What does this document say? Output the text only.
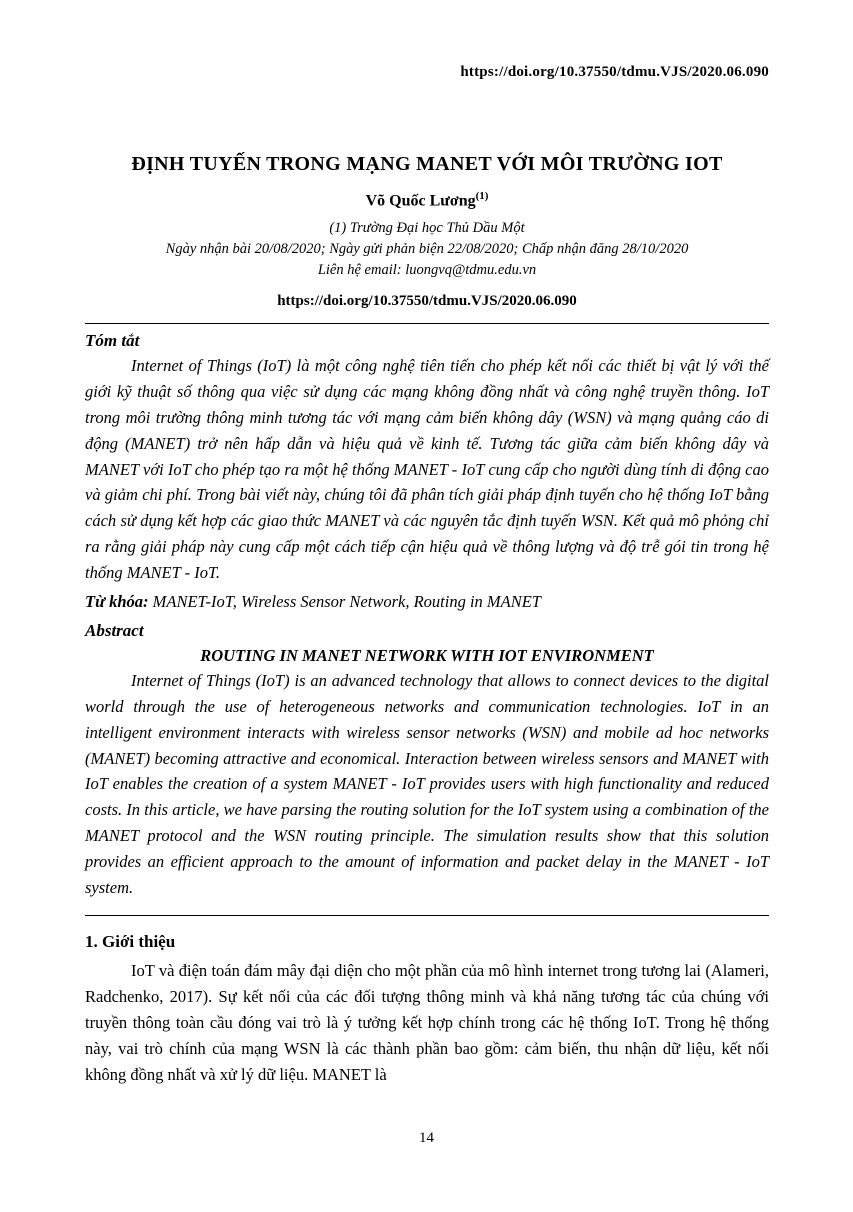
https://doi.org/10.37550/tdmu.VJS/2020.06.090
ĐỊNH TUYẾN TRONG MẠNG MANET VỚI MÔI TRƯỜNG IOT
Võ Quốc Lương$^{(1)}$
(1) Trường Đại học Thủ Dầu Một
Ngày nhận bài 20/08/2020; Ngày gửi phản biện 22/08/2020; Chấp nhận đăng 28/10/2020
Liên hệ email: luongvq@tdmu.edu.vn
https://doi.org/10.37550/tdmu.VJS/2020.06.090
Tóm tắt

Internet of Things (IoT) là một công nghệ tiên tiến cho phép kết nối các thiết bị vật lý với thế giới kỹ thuật số thông qua việc sử dụng các mạng không đồng nhất và công nghệ truyền thông. IoT trong môi trường thông minh tương tác với mạng cảm biến không dây (WSN) và mạng quảng cáo di động (MANET) trở nên hấp dẫn và hiệu quả về kinh tế. Tương tác giữa cảm biến không dây và MANET với IoT cho phép tạo ra một hệ thống MANET - IoT cung cấp cho người dùng tính di động cao và giảm chi phí. Trong bài viết này, chúng tôi đã phân tích giải pháp định tuyến cho hệ thống IoT bằng cách sử dụng kết hợp các giao thức MANET và các nguyên tắc định tuyến WSN. Kết quả mô phỏng chỉ ra rằng giải pháp này cung cấp một cách tiếp cận hiệu quả về thông lượng và độ trễ gói tin trong hệ thống MANET - IoT.

Từ khóa: MANET-IoT, Wireless Sensor Network, Routing in MANET
Abstract
ROUTING IN MANET NETWORK WITH IOT ENVIRONMENT

Internet of Things (IoT) is an advanced technology that allows to connect devices to the digital world through the use of heterogeneous networks and communication technologies. IoT in an intelligent environment interacts with wireless sensor networks (WSN) and mobile ad hoc networks (MANET) becoming attractive and economical. Interaction between wireless sensors and MANET with IoT enables the creation of a system MANET - IoT provides users with high functionality and reduced costs. In this article, we have parsing the routing solution for the IoT system using a combination of the MANET protocol and the WSN routing principle. The simulation results show that this solution provides an efficient approach to the amount of information and packet delay in the MANET - IoT system.

1. Giới thiệu

IoT và điện toán đám mây đại diện cho một phần của mô hình internet trong tương lai (Alameri, Radchenko, 2017). Sự kết nối của các đối tượng thông minh và khả năng tương tác của chúng với truyền thông toàn cầu đóng vai trò là ý tưởng kết hợp chính trong các hệ thống IoT. Trong hệ thống này, vai trò chính của mạng WSN là các thành phần bao gồm: cảm biến, thu nhận dữ liệu, kết nối không đồng nhất và xử lý dữ liệu. MANET là

14
